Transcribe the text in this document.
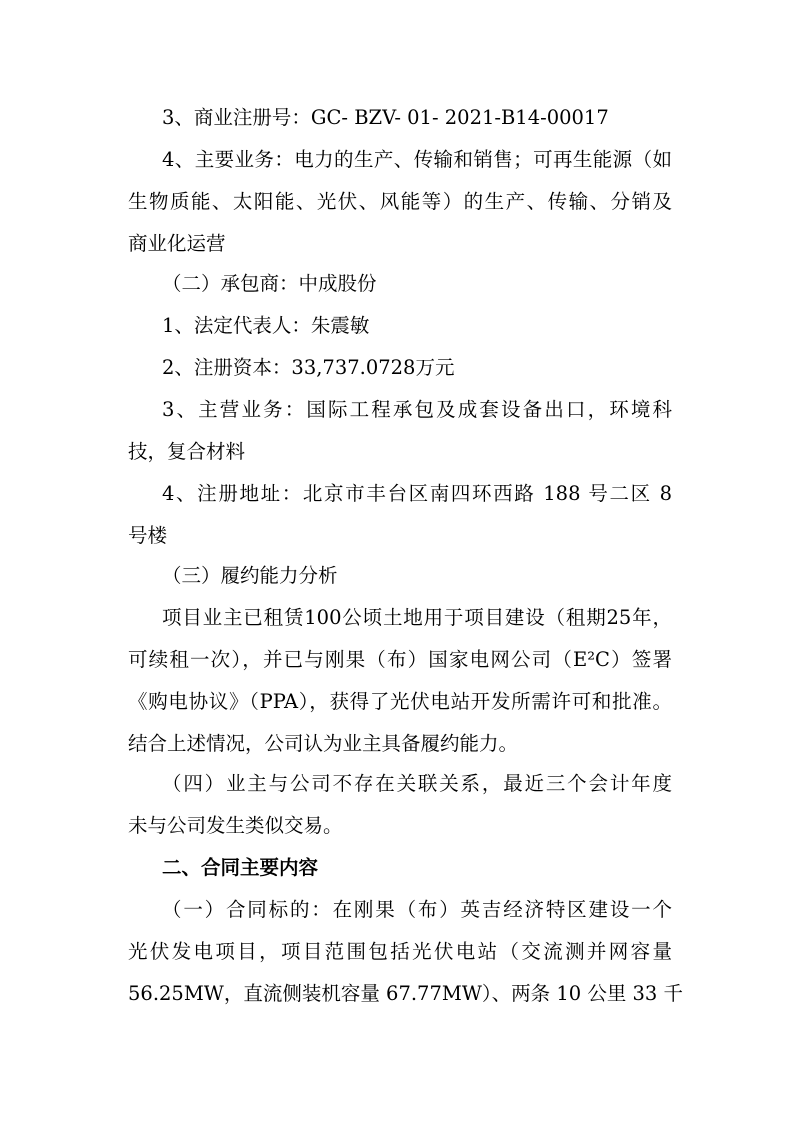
3、商业注册号：GC- BZV- 01- 2021-B14-00017
4、主要业务：电力的生产、传输和销售；可再生能源（如
生物质能、太阳能、光伏、风能等）的生产、传输、分销及
商业化运营
（二）承包商：中成股份
1、法定代表人：朱震敏
2、注册资本：33,737.0728万元
3、主营业务：国际工程承包及成套设备出口，环境科
技，复合材料
4、注册地址：北京市丰台区南四环西路 188 号二区 8
号楼
（三）履约能力分析
项目业主已租赁100公顷土地用于项目建设（租期25年，
可续租一次），并已与刚果（布）国家电网公司（E²C）签署
《购电协议》（PPA），获得了光伏电站开发所需许可和批准。
结合上述情况，公司认为业主具备履约能力。
（四）业主与公司不存在关联关系，最近三个会计年度
未与公司发生类似交易。
二、合同主要内容
（一）合同标的：在刚果（布）英吉经济特区建设一个
光伏发电项目，项目范围包括光伏电站（交流测并网容量
56.25MW，直流侧装机容量 67.77MW）、两条 10 公里 33 千
